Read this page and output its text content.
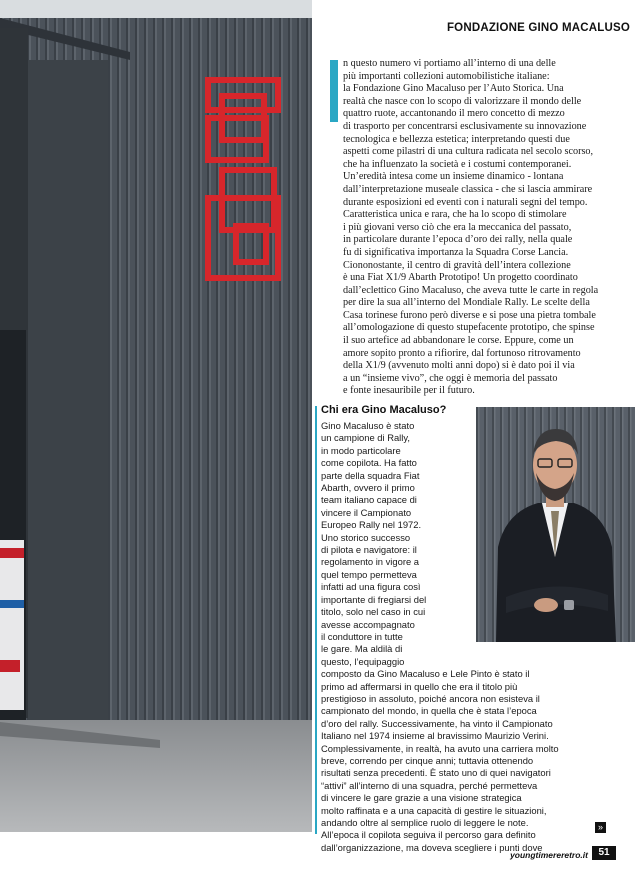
FONDAZIONE GINO MACALUSO

n questo numero vi portiamo all’interno di una delle
più importanti collezioni automobilistiche italiane:
la Fondazione Gino Macaluso per l’Auto Storica. Una
realtà che nasce con lo scopo di valorizzare il mondo delle
quattro ruote, accantonando il mero concetto di mezzo
di trasporto per concentrarsi esclusivamente su innovazione
tecnologica e bellezza estetica; interpretando questi due
aspetti come pilastri di una cultura radicata nel secolo scorso,
che ha influenzato la società e i costumi contemporanei.
Un’eredità intesa come un insieme dinamico - lontana
dall’interpretazione museale classica - che si lascia ammirare
durante esposizioni ed eventi con i naturali segni del tempo.
Caratteristica unica e rara, che ha lo scopo di stimolare
i più giovani verso ciò che era la meccanica del passato,
in particolare durante l’epoca d’oro dei rally, nella quale
fu di significativa importanza la Squadra Corse Lancia.
Ciononostante, il centro di gravità dell’intera collezione
è una Fiat X1/9 Abarth Prototipo! Un progetto coordinato
dall’eclettico Gino Macaluso, che aveva tutte le carte in regola
per dire la sua all’interno del Mondiale Rally. Le scelte della
Casa torinese furono però diverse e si pose una pietra tombale
all’omologazione di questo stupefacente prototipo, che spinse
il suo artefice ad abbandonare le corse. Eppure, come un
amore sopito pronto a rifiorire, dal fortunoso ritrovamento
della X1/9 (avvenuto molti anni dopo) si è dato poi il via
a un “insieme vivo”, che oggi è memoria del passato
e fonte inesauribile per il futuro.

Chi era Gino Macaluso?

Gino Macaluso è stato
un campione di Rally,
in modo particolare
come copilota. Ha fatto
parte della squadra Fiat
Abarth, ovvero il primo
team italiano capace di
vincere il Campionato
Europeo Rally nel 1972.
Uno storico successo
di pilota e navigatore: il
regolamento in vigore a
quel tempo permetteva
infatti ad una figura così
importante di fregiarsi del
titolo, solo nel caso in cui
avesse accompagnato
il conduttore in tutte
le gare. Ma aldilà di
questo, l’equipaggio
composto da Gino Macaluso e Lele Pinto è stato il
primo ad affermarsi in quello che era il titolo più
prestigioso in assoluto, poiché ancora non esisteva il
campionato del mondo, in quella che è stata l’epoca
d’oro del rally. Successivamente, ha vinto il Campionato
Italiano nel 1974 insieme al bravissimo Maurizio Verini.
Complessivamente, in realtà, ha avuto una carriera molto
breve, correndo per cinque anni; tuttavia ottenendo
risultati senza precedenti. È stato uno di quei navigatori
“attivi” all’interno di una squadra, perché permetteva
di vincere le gare grazie a una visione strategica
molto raffinata e a una capacità di gestire le situazioni,
andando oltre al semplice ruolo di leggere le note.
All’epoca il copilota seguiva il percorso gara definito
dall’organizzazione, ma doveva scegliere i punti dove

»
youngtimereretro.it	51
